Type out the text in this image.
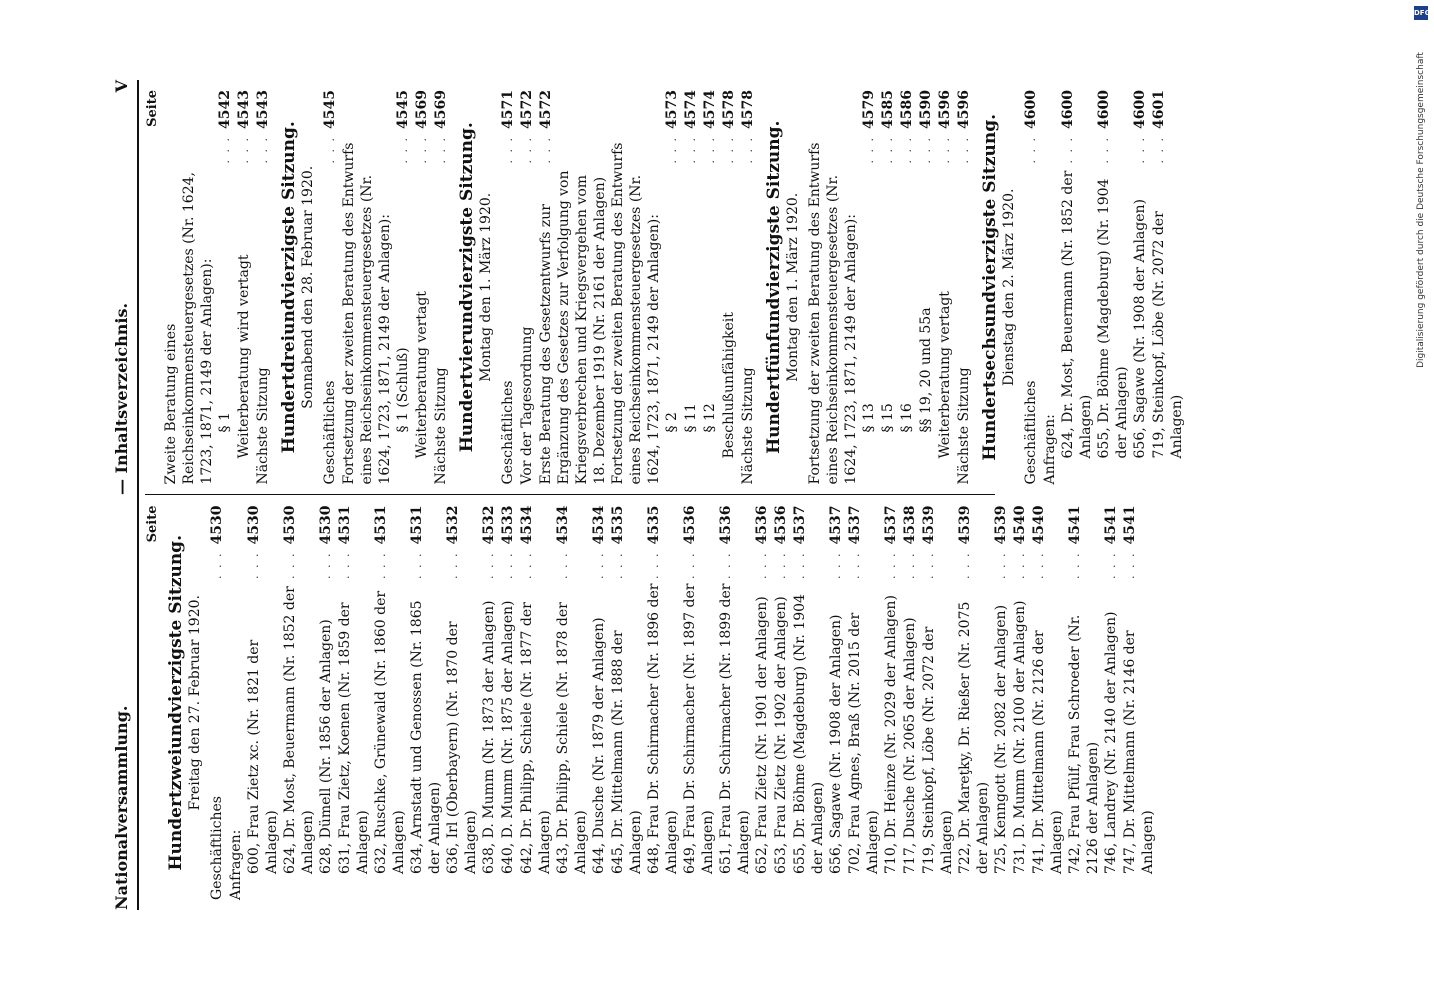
Nationalversammlung.
— Inhaltsverzeichnis.
V
Seite
Hundertzweiundvierzigste Sitzung. Freitag den 27. Februar 1920.
Geschäftliches
. . .
4530
Anfragen: 600, Frau Zietz xc. (Nr. 1821 der Anlagen)
. . .
4530
624, Dr. Most, Beuermann (Nr. 1852 der Anlagen)
. . .
4530
628, Dümell (Nr. 1856 der Anlagen)
. . .
4530
631, Frau Zietz, Koenen (Nr. 1859 der Anlagen)
. . .
4531
632, Ruschke, Grünewald (Nr. 1860 der Anlagen)
. . .
4531
634, Arnstadt und Genossen (Nr. 1865 der Anlagen)
. . .
4531
636, Irl (Oberbayern) (Nr. 1870 der Anlagen)
. . .
4532
638, D. Mumm (Nr. 1873 der Anlagen)
. . .
4532
640, D. Mumm (Nr. 1875 der Anlagen)
. . .
4533
642, Dr. Philipp, Schiele (Nr. 1877 der Anlagen)
. . .
4534
643, Dr. Philipp, Schiele (Nr. 1878 der Anlagen)
. . .
4534
644, Dusche (Nr. 1879 der Anlagen)
. . .
4534
645, Dr. Mittelmann (Nr. 1888 der Anlagen)
. . .
4535
648, Frau Dr. Schirmacher (Nr. 1896 der Anlagen)
. . .
4535
649, Frau Dr. Schirmacher (Nr. 1897 der Anlagen)
. . .
4536
651, Frau Dr. Schirmacher (Nr. 1899 der Anlagen)
. . .
4536
652, Frau Zietz (Nr. 1901 der Anlagen)
. . .
4536
653, Frau Zietz (Nr. 1902 der Anlagen)
. . .
4536
655, Dr. Böhme (Magdeburg) (Nr. 1904 der Anlagen)
. . .
4537
656, Sagawe (Nr. 1908 der Anlagen)
. . .
4537
702, Frau Agnes, Braß (Nr. 2015 der Anlagen)
. . .
4537
710, Dr. Heinze (Nr. 2029 der Anlagen)
. . .
4537
717, Dusche (Nr. 2065 der Anlagen)
. . .
4538
719, Steinkopf, Löbe (Nr. 2072 der Anlagen)
. . .
4539
722, Dr. Mareţky, Dr. Rießer (Nr. 2075 der Anlagen)
. . .
4539
725, Kenngott (Nr. 2082 der Anlagen)
. . .
4539
731, D. Mumm (Nr. 2100 der Anlagen)
. . .
4540
741, Dr. Mittelmann (Nr. 2126 der Anlagen)
. . .
4540
742, Frau Pfülf, Frau Schroeder (Nr. 2126 der Anlagen)
. . .
4541
746, Landrey (Nr. 2140 der Anlagen)
. . .
4541
747, Dr. Mittelmann (Nr. 2146 der Anlagen)
. . .
4541
Seite
Zweite Beratung eines Reichseinkommensteuergesetzes (Nr. 1624, 1723, 1871, 2149 der Anlagen): § 1
. . .
4542
Weiterberatung wird vertagt
. . .
4543
Nächste Sitzung
. . .
4543
Hundertdreiundvierzigste Sitzung. Sonnabend den 28. Februar 1920.
Geschäftliches
. . .
4545
Fortsetzung der zweiten Beratung des Entwurfs eines Reichseinkommensteuergesetzes (Nr. 1624, 1723, 1871, 2149 der Anlagen): § 1 (Schluß)
. . .
4545
Weiterberatung vertagt
. . .
4569
Nächste Sitzung
. . .
4569
Hundertvierundvierzigste Sitzung. Montag den 1. März 1920.
Geschäftliches
. . .
4571
Vor der Tagesordnung
. . .
4572
Erste Beratung des Gesetzentwurfs zur Ergänzung des Gesetzes zur Verfolgung von Kriegsverbrechen und Kriegsvergehen vom 18. Dezember 1919 (Nr. 2161 der Anlagen)
. . .
4572
Fortsetzung der zweiten Beratung des Entwurfs eines Reichseinkommensteuergesetzes (Nr. 1624, 1723, 1871, 2149 der Anlagen): § 2
. . .
4573
§ 11
. . .
4574
§ 12
. . .
4574
Beschlußunfähigkeit
. . .
4578
Nächste Sitzung
. . .
4578
Hundertfünfundvierzigste Sitzung. Montag den 1. März 1920. Fortsetzung der zweiten Beratung des Entwurfs eines Reichseinkommensteuergesetzes (Nr. 1624, 1723, 1871, 2149 der Anlagen): § 13
. . .
4579
§ 15
. . .
4585
§ 16
. . .
4586
§§ 19, 20 und 55a
. . .
4590
Weiterberatung vertagt
. . .
4596
Nächste Sitzung
. . .
4596
Hundertsechsundvierzigste Sitzung. Dienstag den 2. März 1920.
Geschäftliches
. . .
4600
Anfragen: 624, Dr. Most, Beuermann (Nr. 1852 der Anlagen)
. . .
4600
655, Dr. Böhme (Magdeburg) (Nr. 1904 der Anlagen)
. . .
4600
656, Sagawe (Nr. 1908 der Anlagen)
. . .
4600
719, Steinkopf, Löbe (Nr. 2072 der Anlagen)
. . .
4601
DFG
Digitalisierung gefördert durch die Deutsche Forschungsgemeinschaft
